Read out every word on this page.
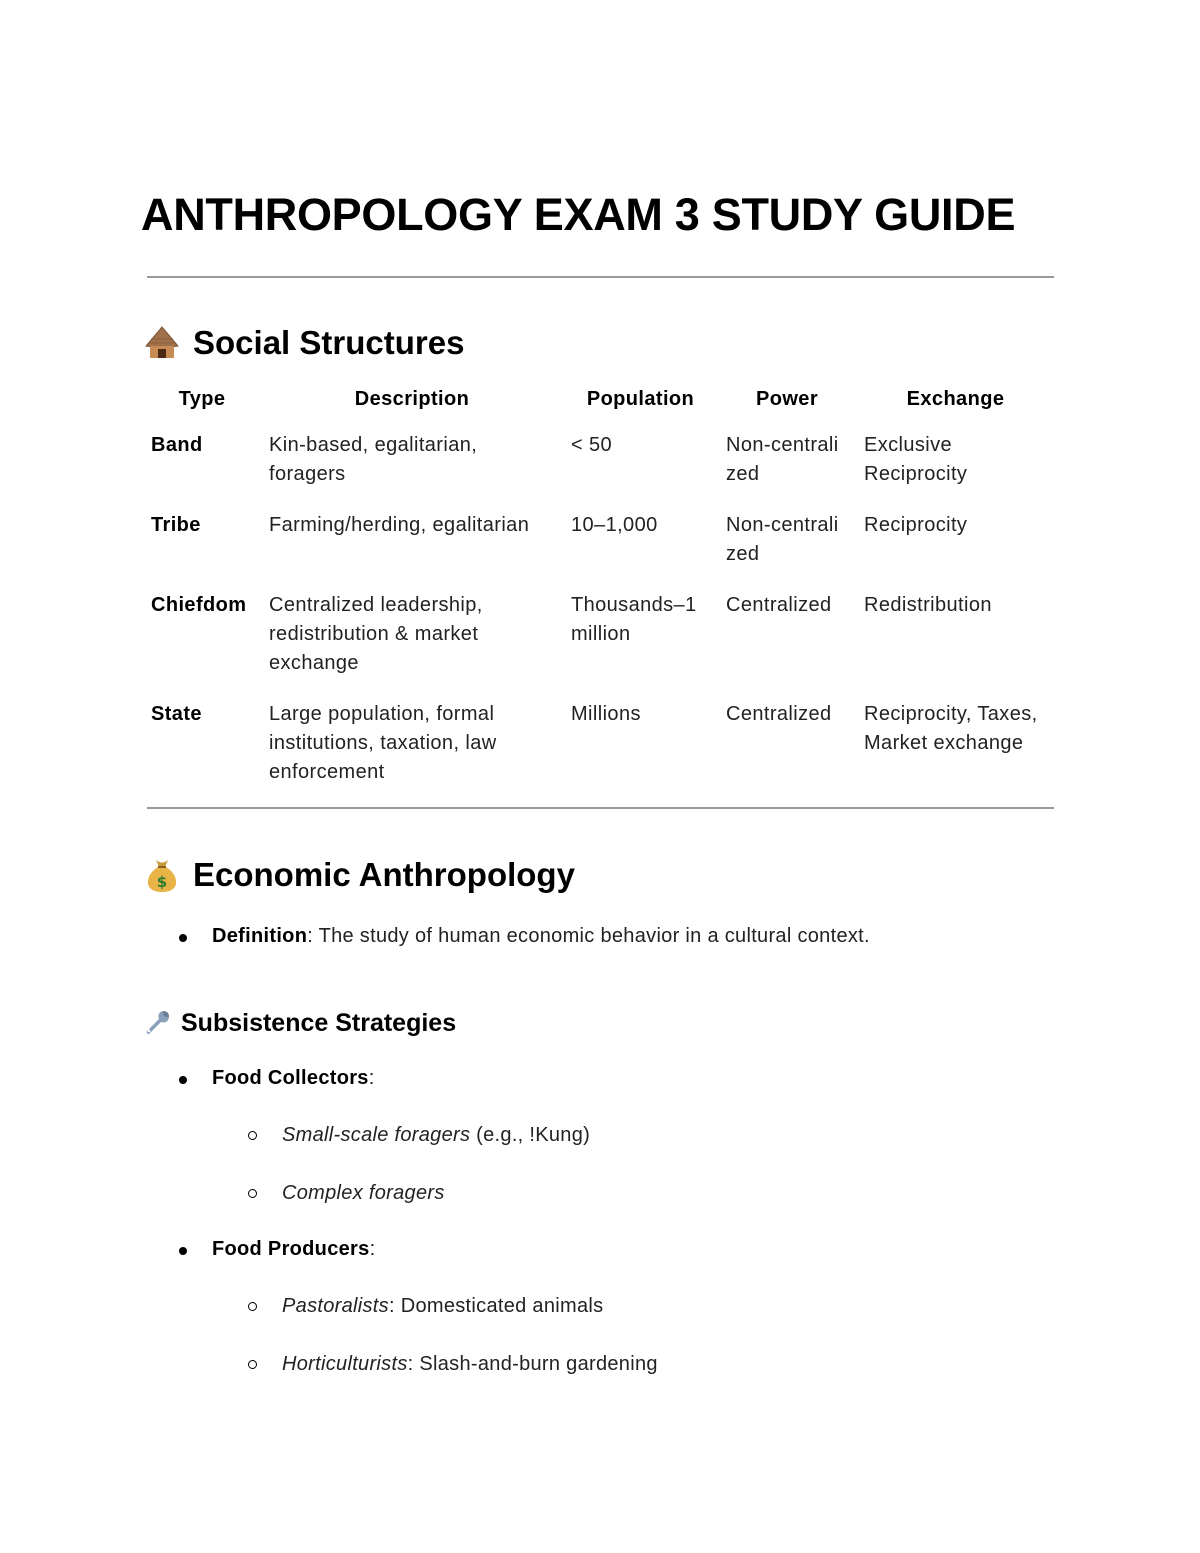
ANTHROPOLOGY EXAM 3 STUDY GUIDE
Social Structures
Type	Description	Population	Power	Exchange
Band	Kin-based, egalitarian, foragers	< 50	Non-centralized	Exclusive Reciprocity
Tribe	Farming/herding, egalitarian	10–1,000	Non-centralized	Reciprocity
Chiefdom	Centralized leadership, redistribution & market exchange	Thousands–1 million	Centralized	Redistribution
State	Large population, formal institutions, taxation, law enforcement	Millions	Centralized	Reciprocity, Taxes, Market exchange
$ Economic Anthropology
Definition: The study of human economic behavior in a cultural context.
Subsistence Strategies
Food Collectors:
Small-scale foragers (e.g., !Kung)
Complex foragers
Food Producers:
Pastoralists: Domesticated animals
Horticulturists: Slash-and-burn gardening
